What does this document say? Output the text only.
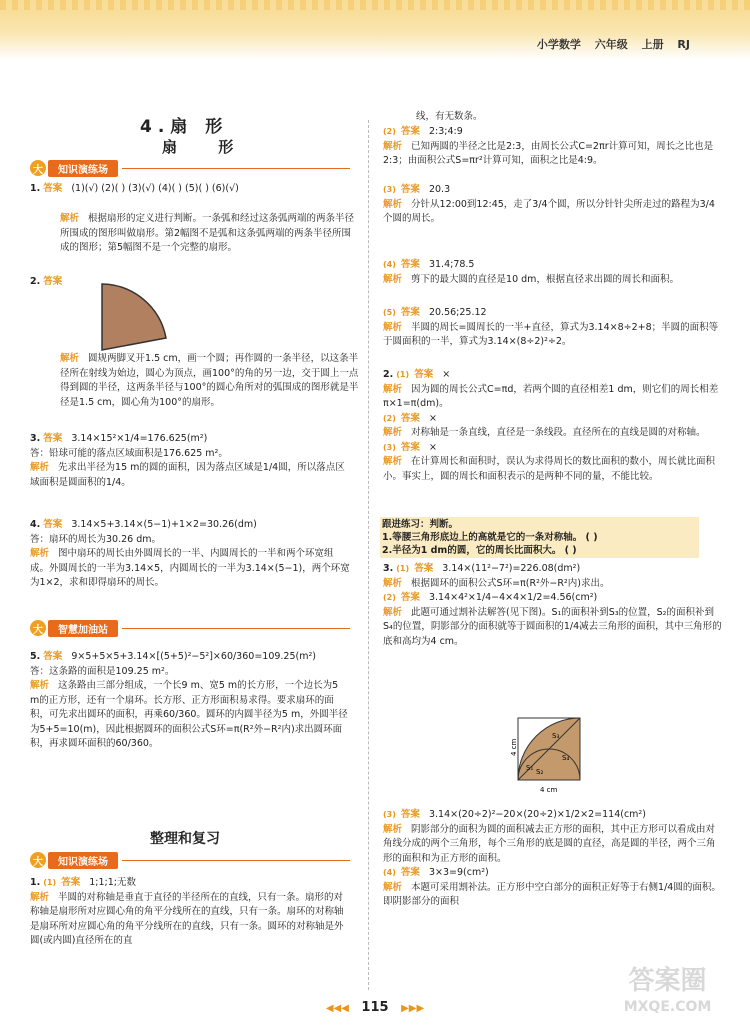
小学数学 六年级 上册 RJ
4.扇 形
扇 形
大	知识演练场
1. 答案 (1)(√) (2)( ) (3)(√) (4)( ) (5)( ) (6)(√)
解析 根据扇形的定义进行判断。一条弧和经过这条弧两端的两条半径所围成的图形叫做扇形。第2幅图不是弧和这条弧两端的两条半径所围成的图形；第5幅图不是一个完整的扇形。
2. 答案
解析 圆规两脚叉开1.5 cm，画一个圆；再作圆的一条半径，以这条半径所在射线为始边，圆心为顶点，画100°的角的另一边，交于圆上一点得到圆的半径，这两条半径与100°的圆心角所对的弧围成的图形就是半径是1.5 cm，圆心角为100°的扇形。
3. 答案 3.14×15²×1/4=176.625(m²)
答：铅球可能的落点区域面积是176.625 m²。
解析 先求出半径为15 m的圆的面积，因为落点区域是1/4圆，所以落点区域面积是圆面积的1/4。
4. 答案 3.14×5+3.14×(5−1)+1×2=30.26(dm)
答：扇环的周长为30.26 dm。
解析 图中扇环的周长由外圆周长的一半、内圆周长的一半和两个环宽组成。外圆周长的一半为3.14×5，内圆周长的一半为3.14×(5−1)，两个环宽为1×2，求和即得扇环的周长。
大	智慧加油站
5. 答案 9×5+5×5+3.14×[(5+5)²−5²]×60/360=109.25(m²)
答：这条路的面积是109.25 m²。
解析 这条路由三部分组成，一个长9 m、宽5 m的长方形，一个边长为5 m的正方形，还有一个扇环。长方形、正方形面积易求得。要求扇环的面积，可先求出圆环的面积，再乘60/360。圆环的内圆半径为5 m，外圆半径为5+5=10(m)，因此根据圆环的面积公式S环=π(R²外−R²内)求出圆环面积，再求圆环面积的60/360。
整理和复习
大	知识演练场
1. (1) 答案 1;1;1;无数
解析 半圆的对称轴是垂直于直径的半径所在的直线，只有一条。扇形的对称轴是扇形所对应圆心角的角平分线所在的直线，只有一条。扇环的对称轴是扇环所对应圆心角的角平分线所在的直线，只有一条。圆环的对称轴是外圆(或内圆)直径所在的直
线，有无数条。
(2) 答案 2:3;4:9
解析 已知两圆的半径之比是2:3，由周长公式C=2πr计算可知，周长之比也是2:3；由面积公式S=πr²计算可知，面积之比是4:9。
(3) 答案 20.3
解析 分针从12:00到12:45，走了3/4个圆，所以分针针尖所走过的路程为3/4个圆的周长。
(4) 答案 31.4;78.5
解析 剪下的最大圆的直径是10 dm，根据直径求出圆的周长和面积。
(5) 答案 20.56;25.12
解析 半圆的周长=圆周长的一半+直径，算式为3.14×8÷2+8；半圆的面积等于圆面积的一半，算式为3.14×(8÷2)²÷2。
2. (1) 答案 ×
解析 因为圆的周长公式C=πd，若两个圆的直径相差1 dm，则它们的周长相差π×1=π(dm)。
(2) 答案 ×
解析 对称轴是一条直线，直径是一条线段。直径所在的直线是圆的对称轴。
(3) 答案 ×
解析 在计算周长和面积时，误认为求得周长的数比面积的数小，周长就比面积小。事实上，圆的周长和面积表示的是两种不同的量，不能比较。
跟进练习：判断。
1.等腰三角形底边上的高就是它的一条对称轴。 ( )
2.半径为1 dm的圆，它的周长比面积大。 ( )
3. (1) 答案 3.14×(11²−7²)=226.08(dm²)
解析 根据圆环的面积公式S环=π(R²外−R²内)求出。
(2) 答案 3.14×4²×1/4−4×4×1/2=4.56(cm²)
解析 此题可通过割补法解答(见下图)。S₁的面积补到S₃的位置，S₂的面积补到S₄的位置，阴影部分的面积就等于圆面积的1/4减去三角形的面积，其中三角形的底和高均为4 cm。
S₁ S₂
S₃
S₄
4 cm
4 cm
(3) 答案 3.14×(20÷2)²−20×(20÷2)×1/2×2=114(cm²)
解析 阴影部分的面积为圆的面积减去正方形的面积，其中正方形可以看成由对角线分成的两个三角形，每个三角形的底是圆的直径，高是圆的半径，两个三角形的面积和为正方形的面积。
(4) 答案 3×3=9(cm²)
解析 本题可采用割补法。正方形中空白部分的面积正好等于右侧1/4圆的面积。即阴影部分的面积
◀◀◀ 115 ▶▶▶
答案圈
MXQE.COM
